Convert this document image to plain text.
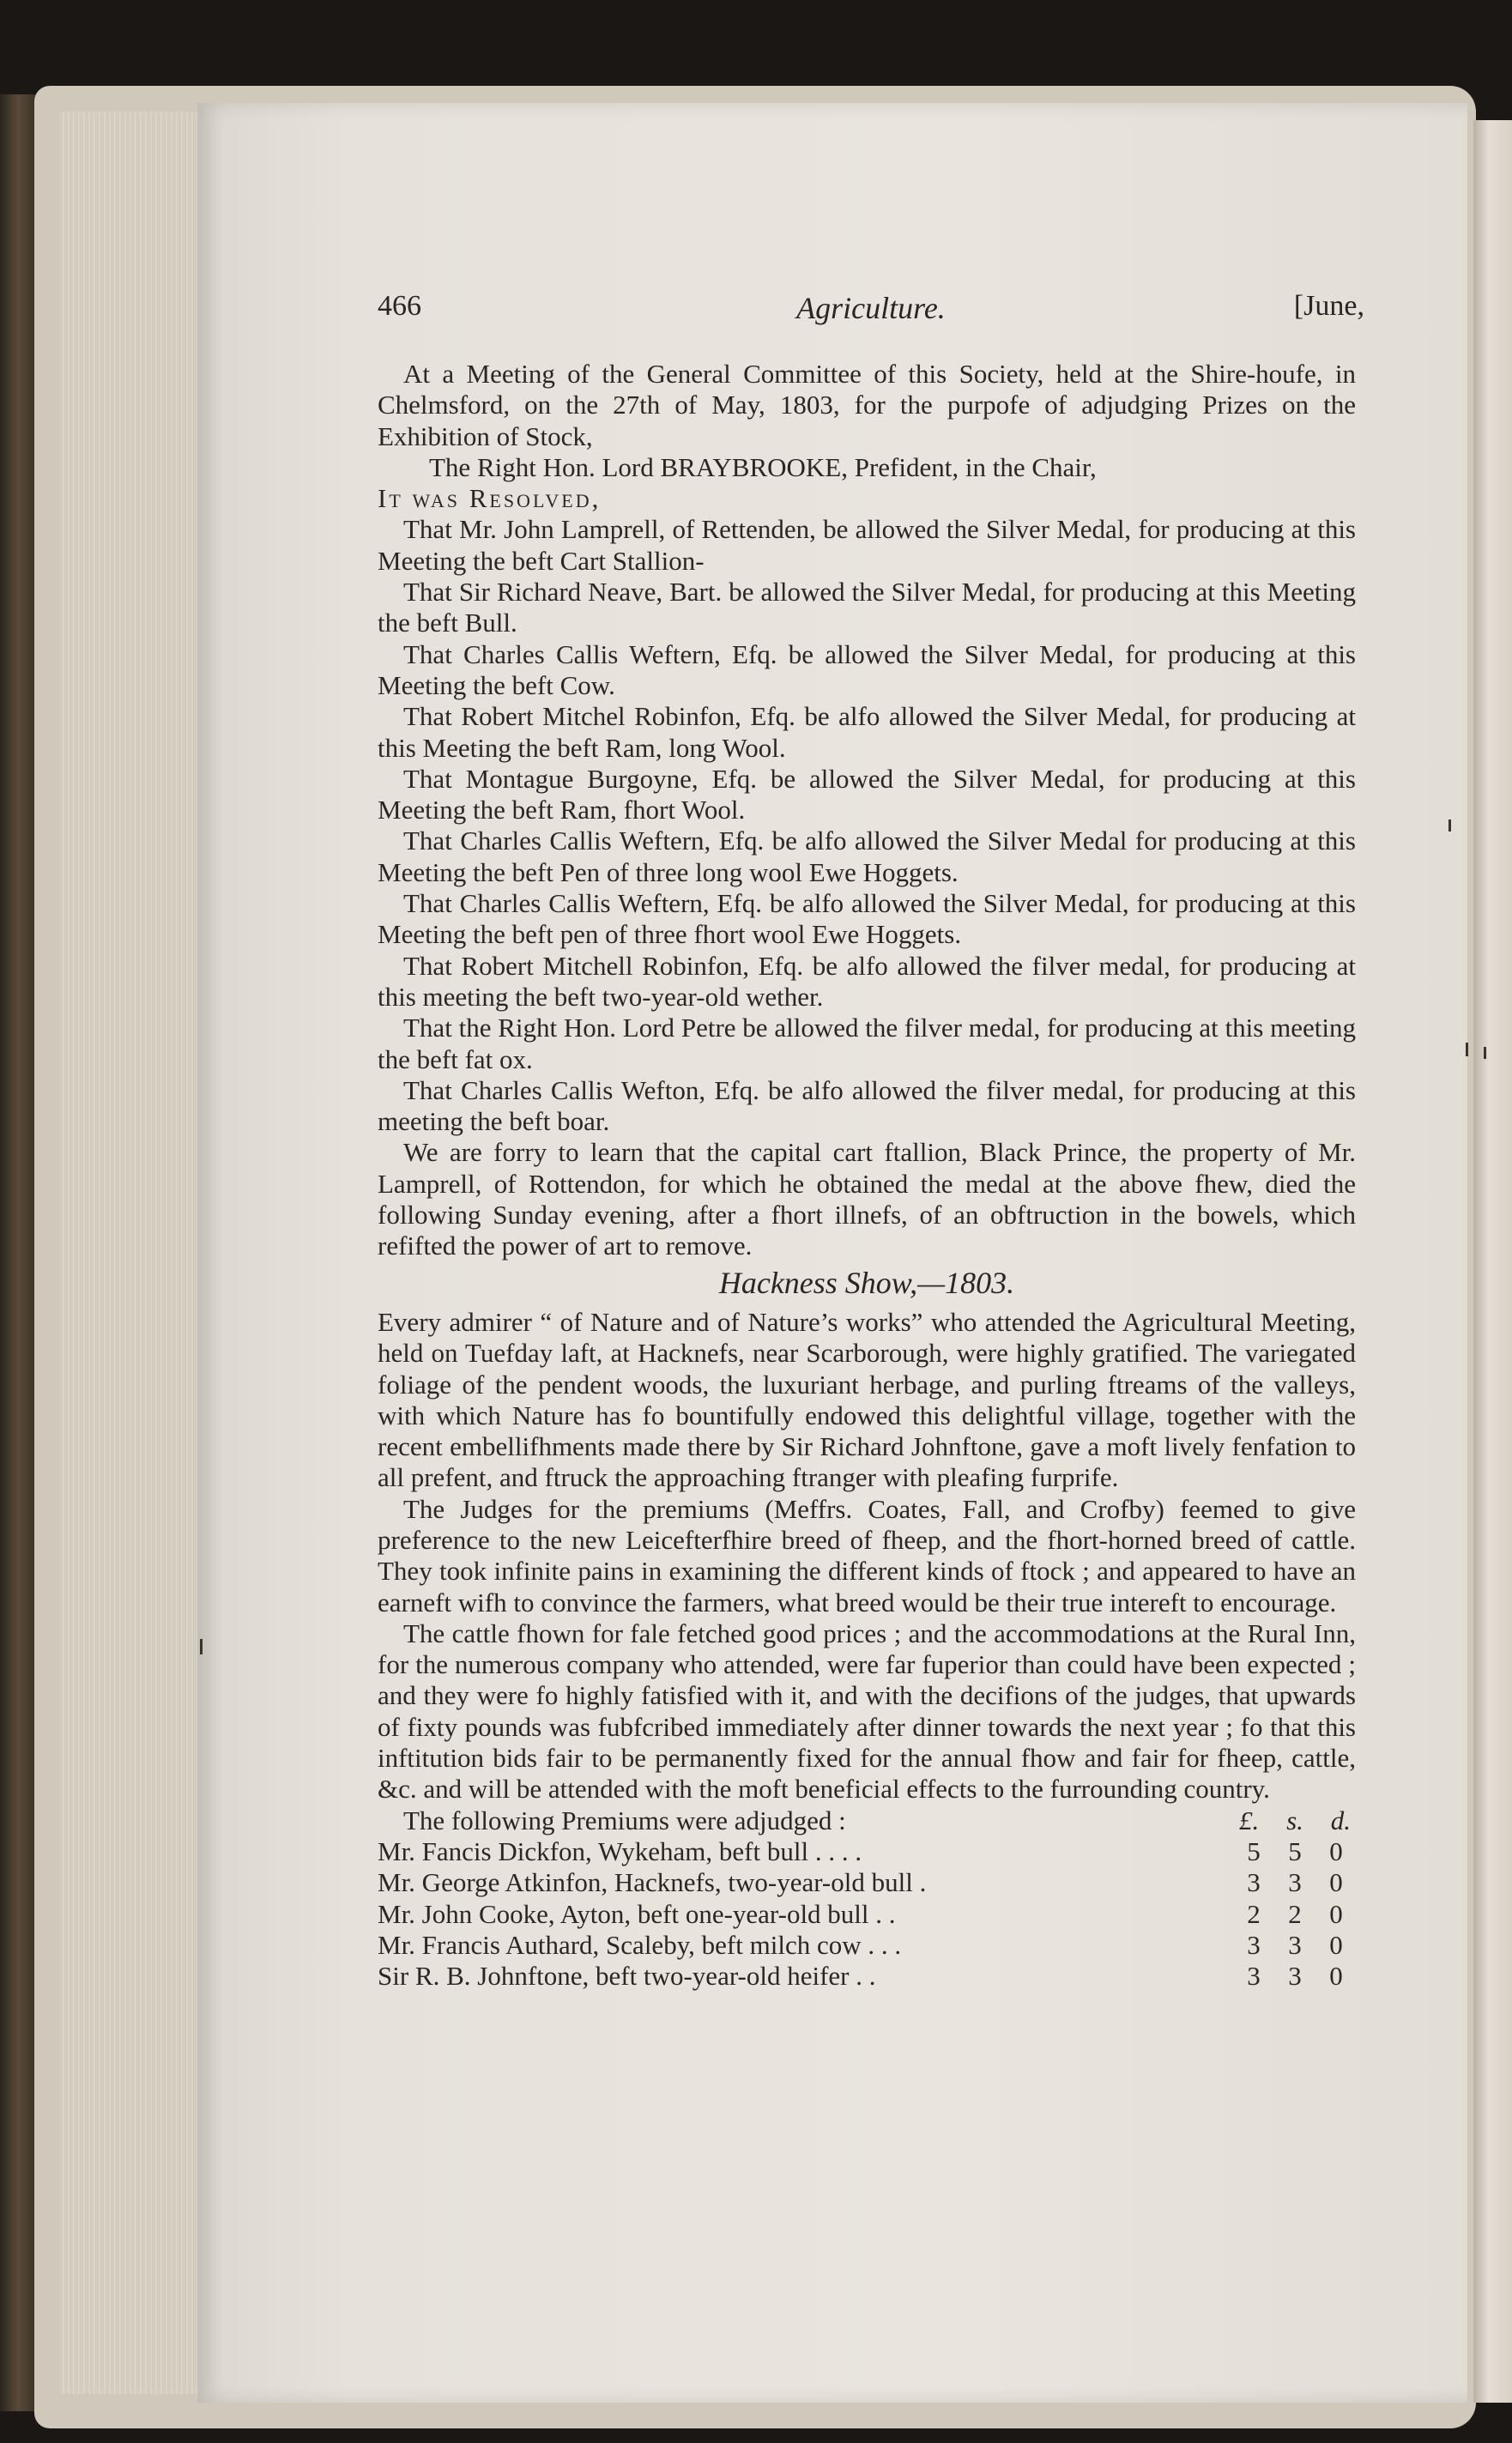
466	Agriculture.	[June,

At a Meeting of the General Committee of this Society, held at the Shire-houfe, in Chelmsford, on the 27th of May, 1803, for the purpofe of adjudging Prizes on the Exhibition of Stock,

The Right Hon. Lord BRAYBROOKE, Prefident, in the Chair,

It was Resolved,

That Mr. John Lamprell, of Rettenden, be allowed the Silver Medal, for producing at this Meeting the beft Cart Stallion-

That Sir Richard Neave, Bart. be allowed the Silver Medal, for producing at this Meeting the beft Bull.

That Charles Callis Weftern, Efq. be allowed the Silver Medal, for producing at this Meeting the beft Cow.

That Robert Mitchel Robinfon, Efq. be alfo allowed the Silver Medal, for producing at this Meeting the beft Ram, long Wool.

That Montague Burgoyne, Efq. be allowed the Silver Medal, for producing at this Meeting the beft Ram, fhort Wool.

That Charles Callis Weftern, Efq. be alfo allowed the Silver Medal for producing at this Meeting the beft Pen of three long wool Ewe Hoggets.

That Charles Callis Weftern, Efq. be alfo allowed the Silver Medal, for producing at this Meeting the beft pen of three fhort wool Ewe Hoggets.

That Robert Mitchell Robinfon, Efq. be alfo allowed the filver medal, for producing at this meeting the beft two-year-old wether.

That the Right Hon. Lord Petre be allowed the filver medal, for producing at this meeting the beft fat ox.

That Charles Callis Wefton, Efq. be alfo allowed the filver medal, for producing at this meeting the beft boar.

We are forry to learn that the capital cart ftallion, Black Prince, the property of Mr. Lamprell, of Rottendon, for which he obtained the medal at the above fhew, died the following Sunday evening, after a fhort illnefs, of an obftruction in the bowels, which refifted the power of art to remove.

Hackness Show,—1803.

Every admirer “ of Nature and of Nature’s works” who attended the Agricultural Meeting, held on Tuefday laft, at Hacknefs, near Scarborough, were highly gratified. The variegated foliage of the pendent woods, the luxuriant herbage, and purling ftreams of the valleys, with which Nature has fo bountifully endowed this delightful village, together with the recent embellifhments made there by Sir Richard Johnftone, gave a moft lively fenfation to all prefent, and ftruck the approaching ftranger with pleafing furprife.

The Judges for the premiums (Meffrs. Coates, Fall, and Crofby) feemed to give preference to the new Leicefterfhire breed of fheep, and the fhort-horned breed of cattle. They took infinite pains in examining the different kinds of ftock ; and appeared to have an earneft wifh to convince the farmers, what breed would be their true intereft to encourage.

The cattle fhown for fale fetched good prices ; and the accommodations at the Rural Inn, for the numerous company who attended, were far fuperior than could have been expected ; and they were fo highly fatisfied with it, and with the decifions of the judges, that upwards of fixty pounds was fubfcribed immediately after dinner towards the next year ; fo that this inftitution bids fair to be permanently fixed for the annual fhow and fair for fheep, cattle, &c. and will be attended with the moft beneficial effects to the furrounding country.

The following Premiums were adjudged :	£. s. d.
Mr. Fancis Dickfon, Wykeham, beft bull . . . .	5 5 0
Mr. George Atkinfon, Hacknefs, two-year-old bull .	3 3 0
Mr. John Cooke, Ayton, beft one-year-old bull . .	2 2 0
Mr. Francis Authard, Scaleby, beft milch cow . . .	3 3 0
Sir R. B. Johnftone, beft two-year-old heifer . .	3 3 0
